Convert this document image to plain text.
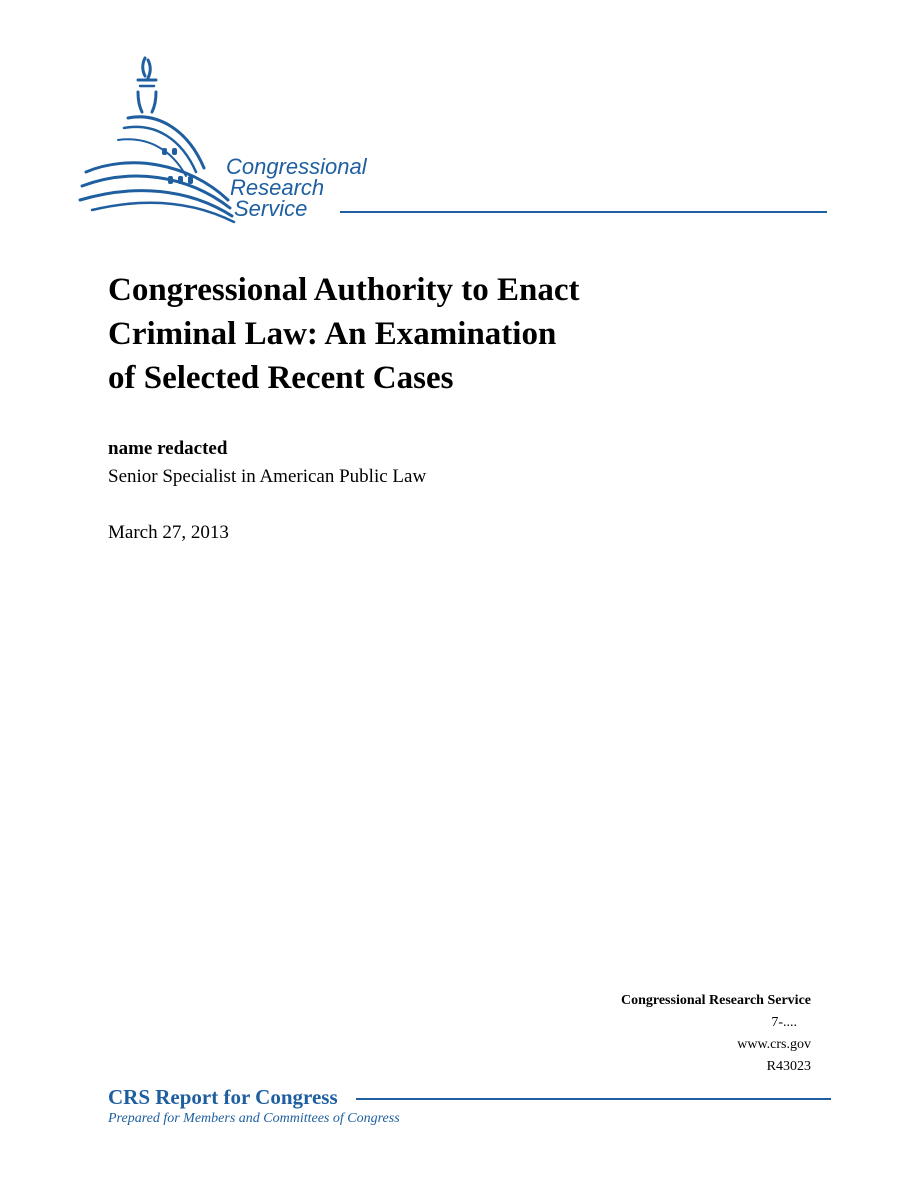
Congressional
Research
Service
Congressional Authority to Enact
Criminal Law: An Examination
of Selected Recent Cases
name redacted
Senior Specialist in American Public Law
March 27, 2013
Congressional Research Service
7-....
www.crs.gov
R43023
CRS Report for Congress
Prepared for Members and Committees of Congress
